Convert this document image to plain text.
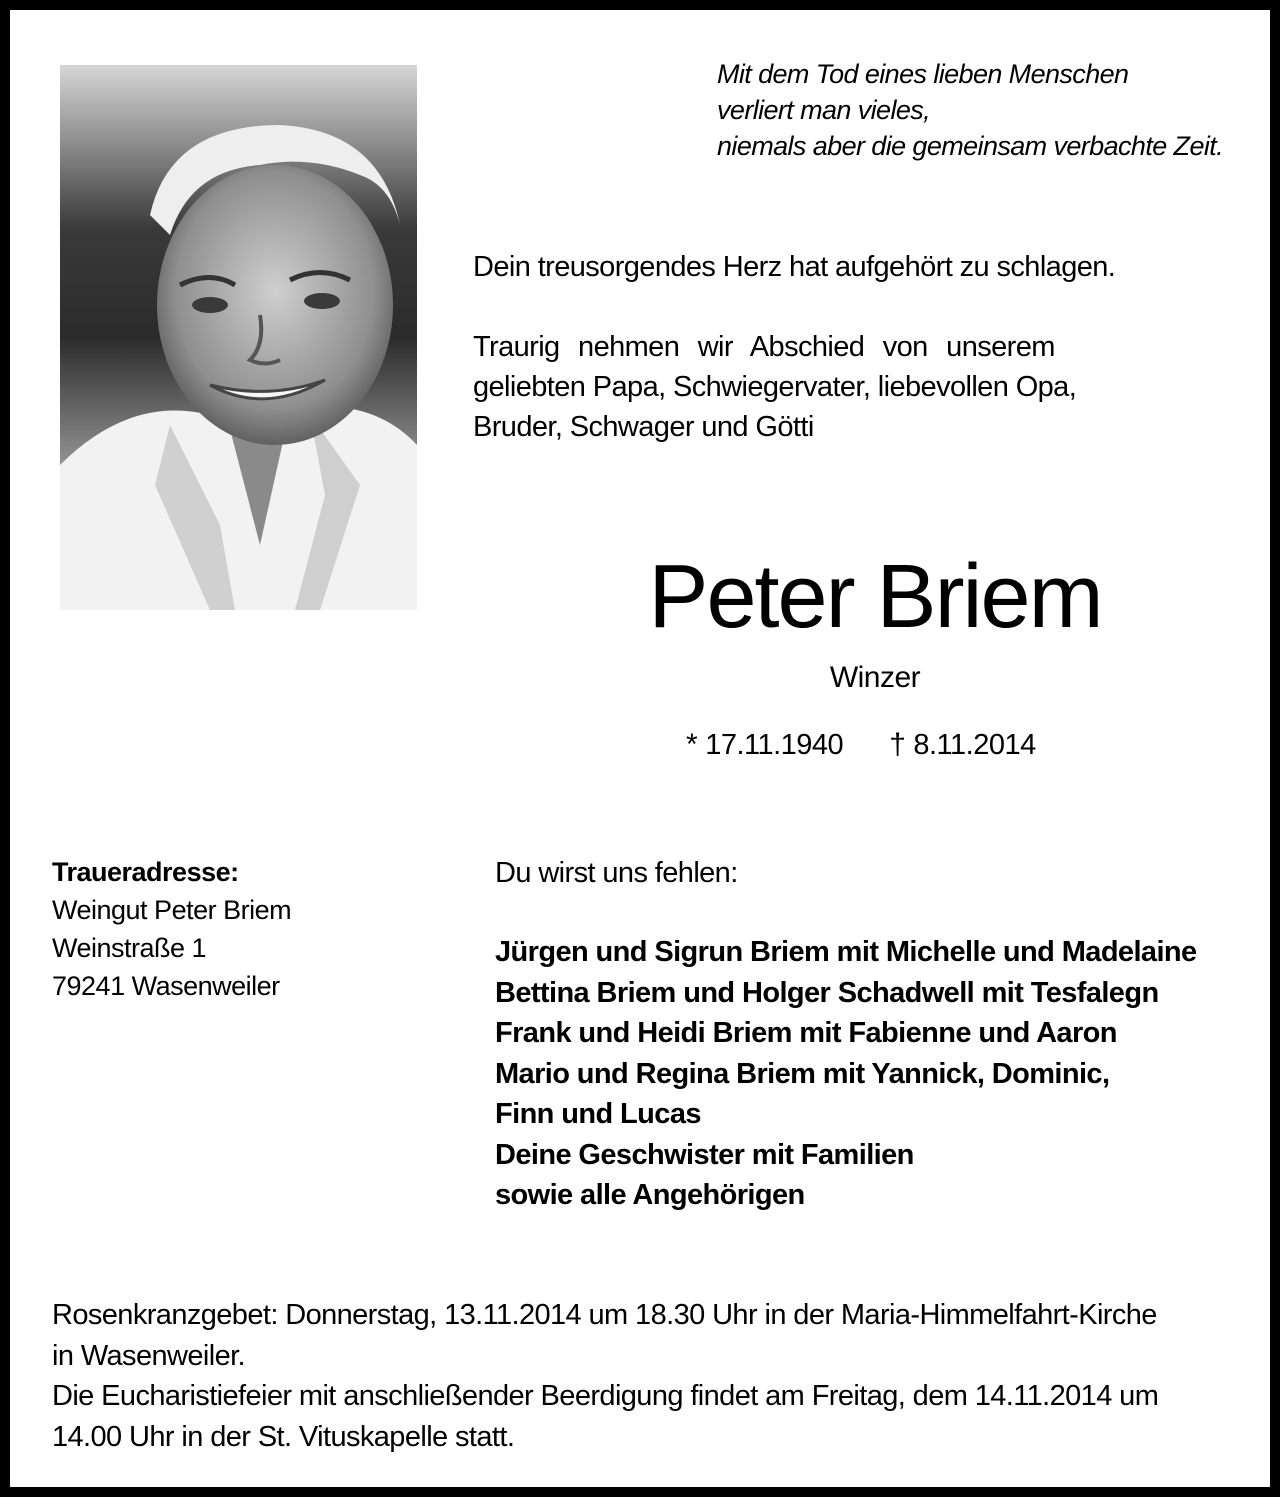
Mit dem Tod eines lieben Menschen
verliert man vieles,
niemals aber die gemeinsam verbachte Zeit.
Dein treusorgendes Herz hat aufgehört zu schlagen.
Traurig nehmen wir Abschied von unserem
geliebten Papa, Schwiegervater, liebevollen Opa,
Bruder, Schwager und Götti
Peter Briem
Winzer
* 17.11.1940 † 8.11.2014
Traueradresse:
Weingut Peter Briem
Weinstraße 1
79241 Wasenweiler
Du wirst uns fehlen:
Jürgen und Sigrun Briem mit Michelle und Madelaine
Bettina Briem und Holger Schadwell mit Tesfalegn
Frank und Heidi Briem mit Fabienne und Aaron
Mario und Regina Briem mit Yannick, Dominic,
Finn und Lucas
Deine Geschwister mit Familien
sowie alle Angehörigen
Rosenkranzgebet: Donnerstag, 13.11.2014 um 18.30 Uhr in der Maria-Himmelfahrt-Kirche
in Wasenweiler.
Die Eucharistiefeier mit anschließender Beerdigung findet am Freitag, dem 14.11.2014 um
14.00 Uhr in der St. Vituskapelle statt.
